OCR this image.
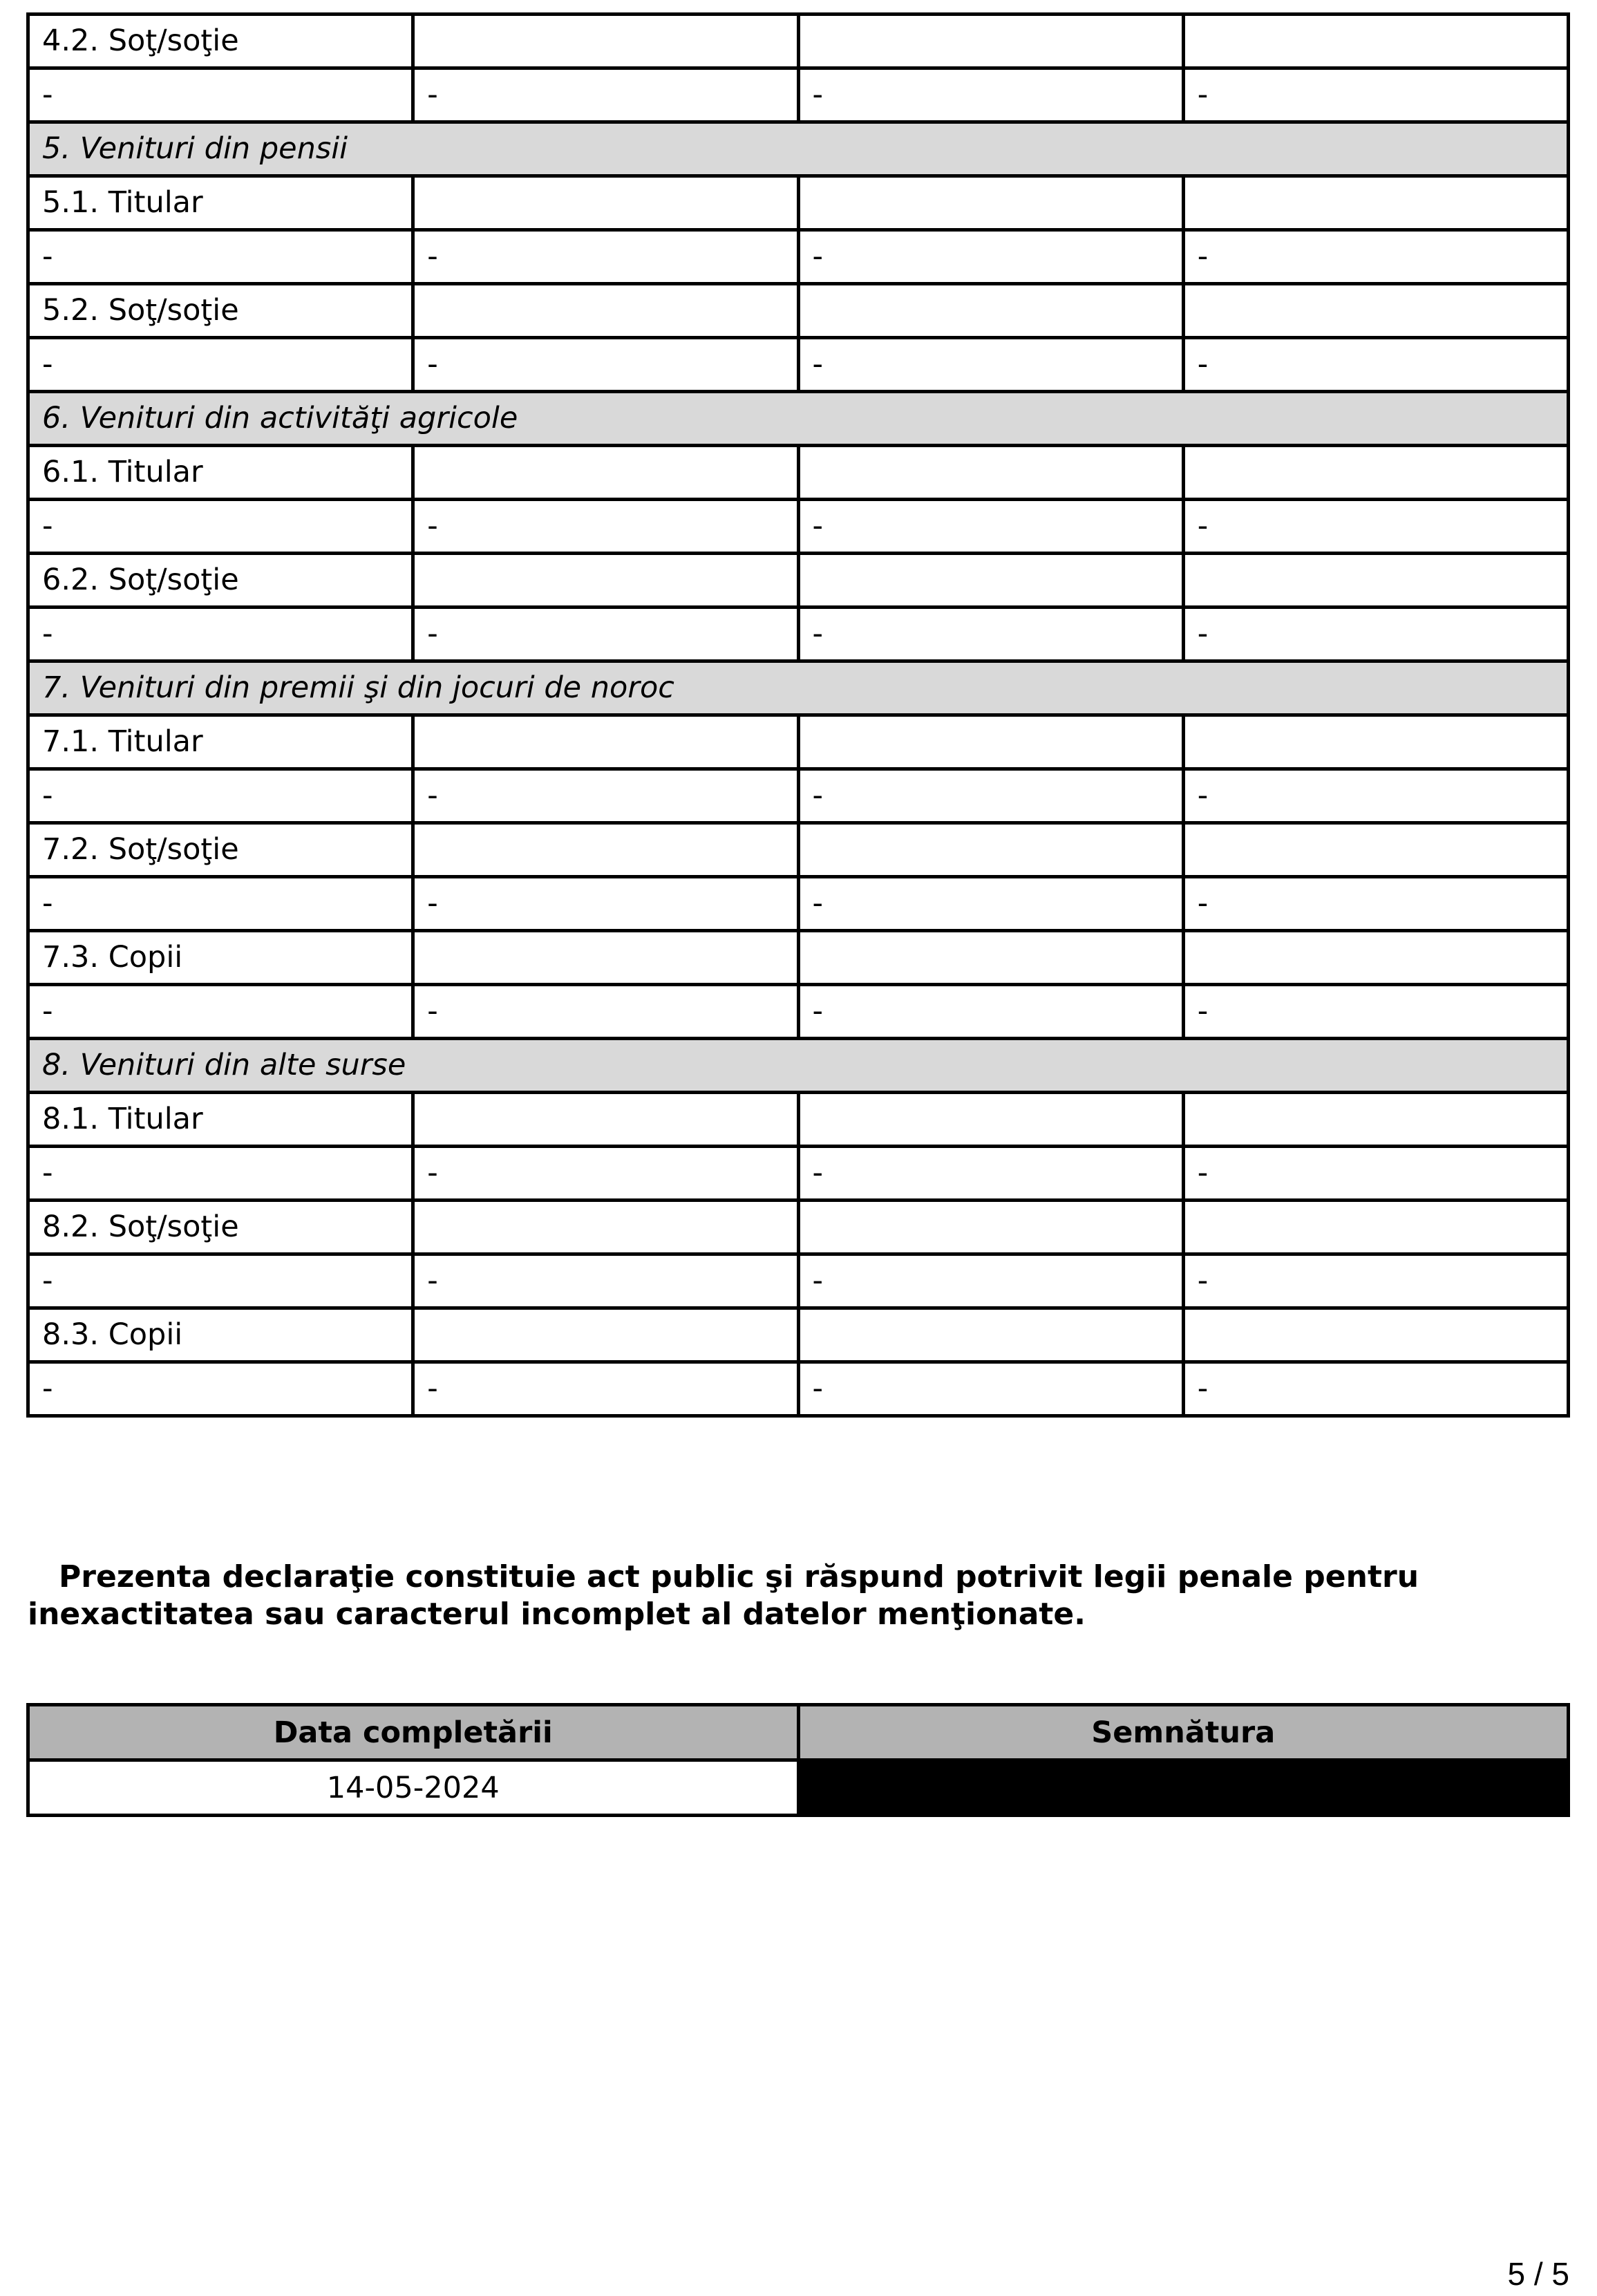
4.2. Soţ/soţie			
-	-	-	-
5. Venituri din pensii			
5.1. Titular			
-	-	-	-
5.2. Soţ/soţie			
-	-	-	-
6. Venituri din activităţi agricole			
6.1. Titular			
-	-	-	-
6.2. Soţ/soţie			
-	-	-	-
7. Venituri din premii şi din jocuri de noroc			
7.1. Titular			
-	-	-	-
7.2. Soţ/soţie			
-	-	-	-
7.3. Copii			
-	-	-	-
8. Venituri din alte surse			
8.1. Titular			
-	-	-	-
8.2. Soţ/soţie			
-	-	-	-
8.3. Copii			
-	-	-	-

Prezenta declaraţie constituie act public şi răspund potrivit legii penale pentru inexactitatea sau caracterul incomplet al datelor menţionate.

Data completării	Semnătura
14-05-2024	
5 / 5
